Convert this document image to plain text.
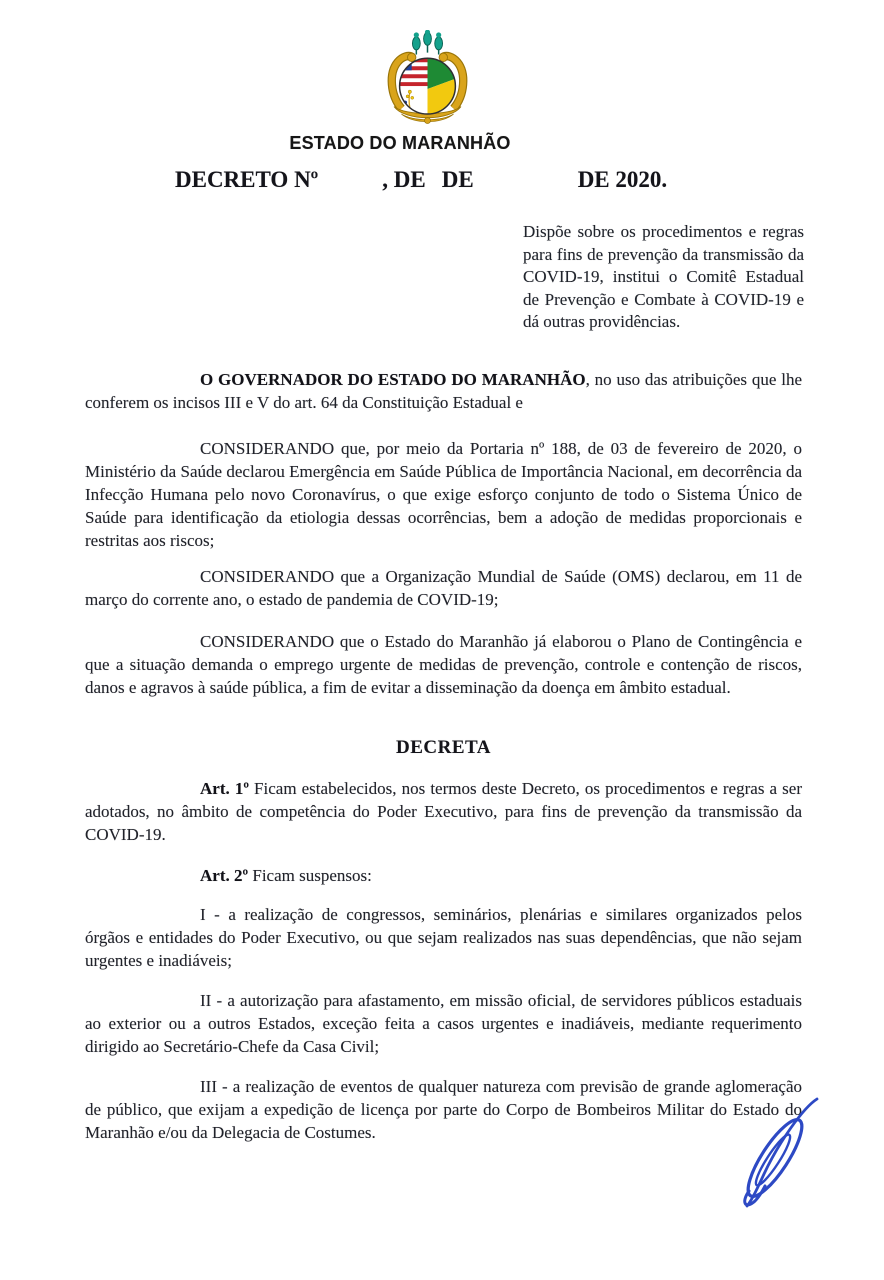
ESTADO DO MARANHÃO
DECRETO Nº	, DE DE	DE 2020.
Dispõe sobre os procedimentos e regras para fins de prevenção da transmissão da COVID-19, institui o Comitê Estadual de Prevenção e Combate à COVID-19 e dá outras providências.

O GOVERNADOR DO ESTADO DO MARANHÃO, no uso das atribuições que lhe conferem os incisos III e V do art. 64 da Constituição Estadual e

CONSIDERANDO que, por meio da Portaria nº 188, de 03 de fevereiro de 2020, o Ministério da Saúde declarou Emergência em Saúde Pública de Importância Nacional, em decorrência da Infecção Humana pelo novo Coronavírus, o que exige esforço conjunto de todo o Sistema Único de Saúde para identificação da etiologia dessas ocorrências, bem a adoção de medidas proporcionais e restritas aos riscos;

CONSIDERANDO que a Organização Mundial de Saúde (OMS) declarou, em 11 de março do corrente ano, o estado de pandemia de COVID-19;

CONSIDERANDO que o Estado do Maranhão já elaborou o Plano de Contingência e que a situação demanda o emprego urgente de medidas de prevenção, controle e contenção de riscos, danos e agravos à saúde pública, a fim de evitar a disseminação da doença em âmbito estadual.

DECRETA

Art. 1º Ficam estabelecidos, nos termos deste Decreto, os procedimentos e regras a ser adotados, no âmbito de competência do Poder Executivo, para fins de prevenção da transmissão da COVID-19.

Art. 2º Ficam suspensos:

I - a realização de congressos, seminários, plenárias e similares organizados pelos órgãos e entidades do Poder Executivo, ou que sejam realizados nas suas dependências, que não sejam urgentes e inadiáveis;

II - a autorização para afastamento, em missão oficial, de servidores públicos estaduais ao exterior ou a outros Estados, exceção feita a casos urgentes e inadiáveis, mediante requerimento dirigido ao Secretário-Chefe da Casa Civil;

III - a realização de eventos de qualquer natureza com previsão de grande aglomeração de público, que exijam a expedição de licença por parte do Corpo de Bombeiros Militar do Estado do Maranhão e/ou da Delegacia de Costumes.
